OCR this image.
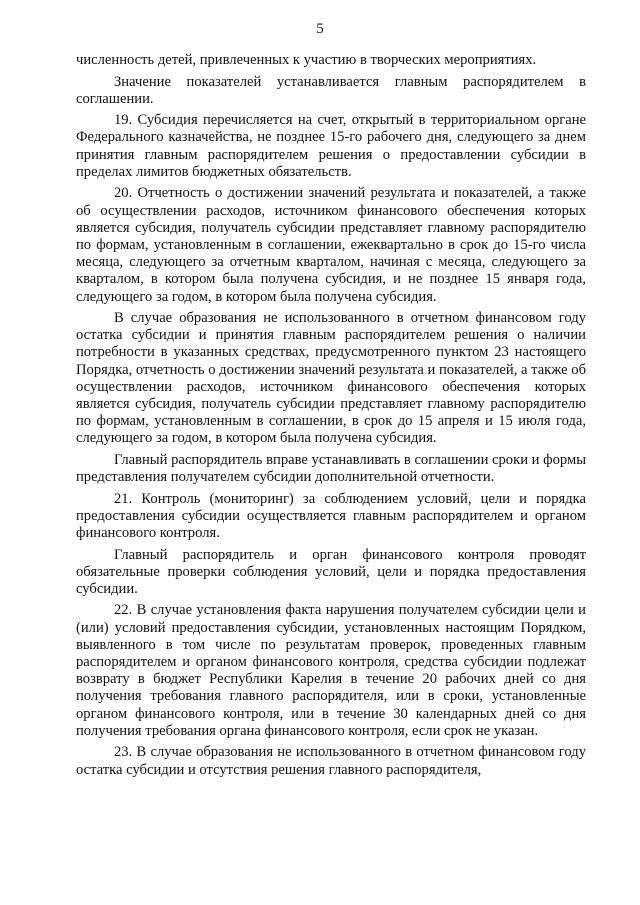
5

численность детей, привлеченных к участию в творческих мероприятиях.

Значение показателей устанавливается главным распорядителем в соглашении.

19. Субсидия перечисляется на счет, открытый в территориальном органе Федерального казначейства, не позднее 15-го рабочего дня, следующего за днем принятия главным распорядителем решения о предоставлении субсидии в пределах лимитов бюджетных обязательств.

20. Отчетность о достижении значений результата и показателей, а также об осуществлении расходов, источником финансового обеспечения которых является субсидия, получатель субсидии представляет главному распорядителю по формам, установленным в соглашении, ежеквартально в срок до 15-го числа месяца, следующего за отчетным кварталом, начиная с месяца, следующего за кварталом, в котором была получена субсидия, и не позднее 15 января года, следующего за годом, в котором была получена субсидия.

В случае образования не использованного в отчетном финансовом году остатка субсидии и принятия главным распорядителем решения о наличии потребности в указанных средствах, предусмотренного пунктом 23 настоящего Порядка, отчетность о достижении значений результата и показателей, а также об осуществлении расходов, источником финансового обеспечения которых является субсидия, получатель субсидии представляет главному распорядителю по формам, установленным в соглашении, в срок до 15 апреля и 15 июля года, следующего за годом, в котором была получена субсидия.

Главный распорядитель вправе устанавливать в соглашении сроки и формы представления получателем субсидии дополнительной отчетности.

21. Контроль (мониторинг) за соблюдением условий, цели и порядка предоставления субсидии осуществляется главным распорядителем и органом финансового контроля.

Главный распорядитель и орган финансового контроля проводят обязательные проверки соблюдения условий, цели и порядка предоставления субсидии.

22. В случае установления факта нарушения получателем субсидии цели и (или) условий предоставления субсидии, установленных настоящим Порядком, выявленного в том числе по результатам проверок, проведенных главным распорядителем и органом финансового контроля, средства субсидии подлежат возврату в бюджет Республики Карелия в течение 20 рабочих дней со дня получения требования главного распорядителя, или в сроки, установленные органом финансового контроля, или в течение 30 календарных дней со дня получения требования органа финансового контроля, если срок не указан.

23. В случае образования не использованного в отчетном финансовом году остатка субсидии и отсутствия решения главного распорядителя,
